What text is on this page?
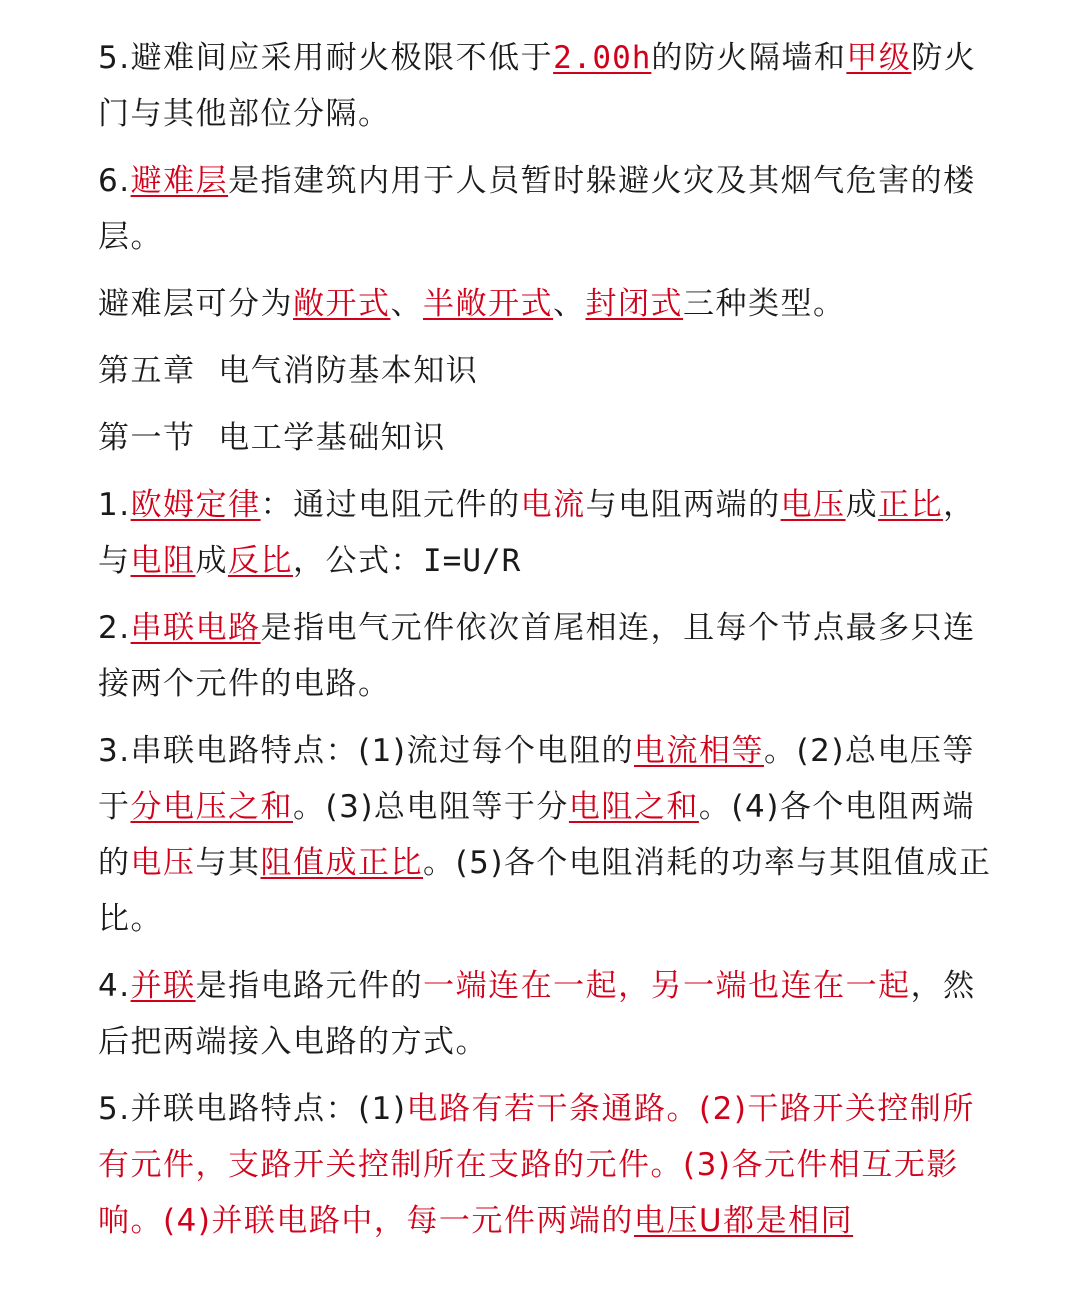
5.避难间应采用耐火极限不低于2.00h的防火隔墙和甲级防火门与其他部位分隔。

6.避难层是指建筑内用于人员暂时躲避火灾及其烟气危害的楼层。

避难层可分为敞开式、半敞开式、封闭式三种类型。

第五章  电气消防基本知识

第一节  电工学基础知识

1.欧姆定律：通过电阻元件的电流与电阻两端的电压成正比，与电阻成反比，公式：I=U/R

2.串联电路是指电气元件依次首尾相连，且每个节点最多只连接两个元件的电路。

3.串联电路特点：(1)流过每个电阻的电流相等。(2)总电压等于分电压之和。(3)总电阻等于分电阻之和。(4)各个电阻两端的电压与其阻值成正比。(5)各个电阻消耗的功率与其阻值成正比。

4.并联是指电路元件的一端连在一起，另一端也连在一起，然后把两端接入电路的方式。

5.并联电路特点：(1)电路有若干条通路。(2)干路开关控制所有元件，支路开关控制所在支路的元件。(3)各元件相互无影响。(4)并联电路中，每一元件两端的电压U都是相同
